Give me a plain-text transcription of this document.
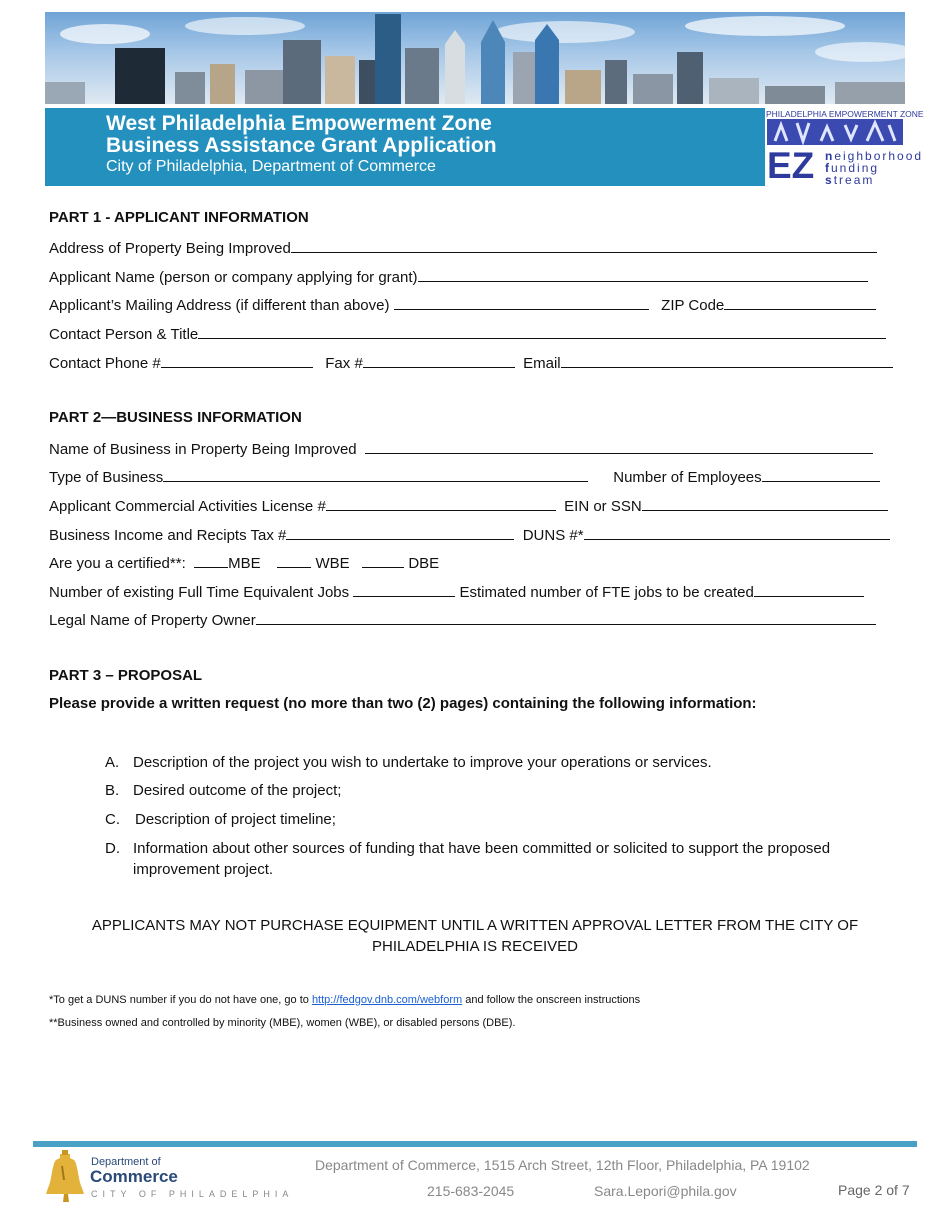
West Philadelphia Empowerment Zone
Business Assistance Grant Application
City of Philadelphia, Department of Commerce
PHILADELPHIA EMPOWERMENT ZONE
EZ neighborhood
funding
stream
PART 1 - APPLICANT INFORMATION
Address of Property Being Improved
Applicant Name (person or company applying for grant)
Applicant’s Mailing Address (if different than above)	ZIP Code
Contact Person & Title
Contact Phone #	Fax #	Email
PART 2—BUSINESS INFORMATION
Name of Business in Property Being Improved
Type of Business	Number of Employees
Applicant Commercial Activities License #	EIN or SSN
Business Income and Recipts Tax #	DUNS #*
Are you a certified**:	MBE	WBE	DBE
Number of existing Full Time Equivalent Jobs	Estimated number of FTE jobs to be created
Legal Name of Property Owner
PART 3 – PROPOSAL
Please provide a written request (no more than two (2) pages) containing the following information:
A. Description of the project you wish to undertake to improve your operations or services.
B. Desired outcome of the project;
C. Description of project timeline;
D. Information about other sources of funding that have been committed or solicited to support the proposed improvement project.
APPLICANTS MAY NOT PURCHASE EQUIPMENT UNTIL A WRITTEN APPROVAL LETTER FROM THE CITY OF PHILADELPHIA IS RECEIVED
*To get a DUNS number if you do not have one, go to http://fedgov.dnb.com/webform and follow the onscreen instructions
**Business owned and controlled by minority (MBE), women (WBE), or disabled persons (DBE).
Department of
Commerce
CITY OF PHILADELPHIA
Department of Commerce, 1515 Arch Street, 12th Floor, Philadelphia, PA 19102
215-683-2045	Sara.Lepori@phila.gov	Page 2 of 7
